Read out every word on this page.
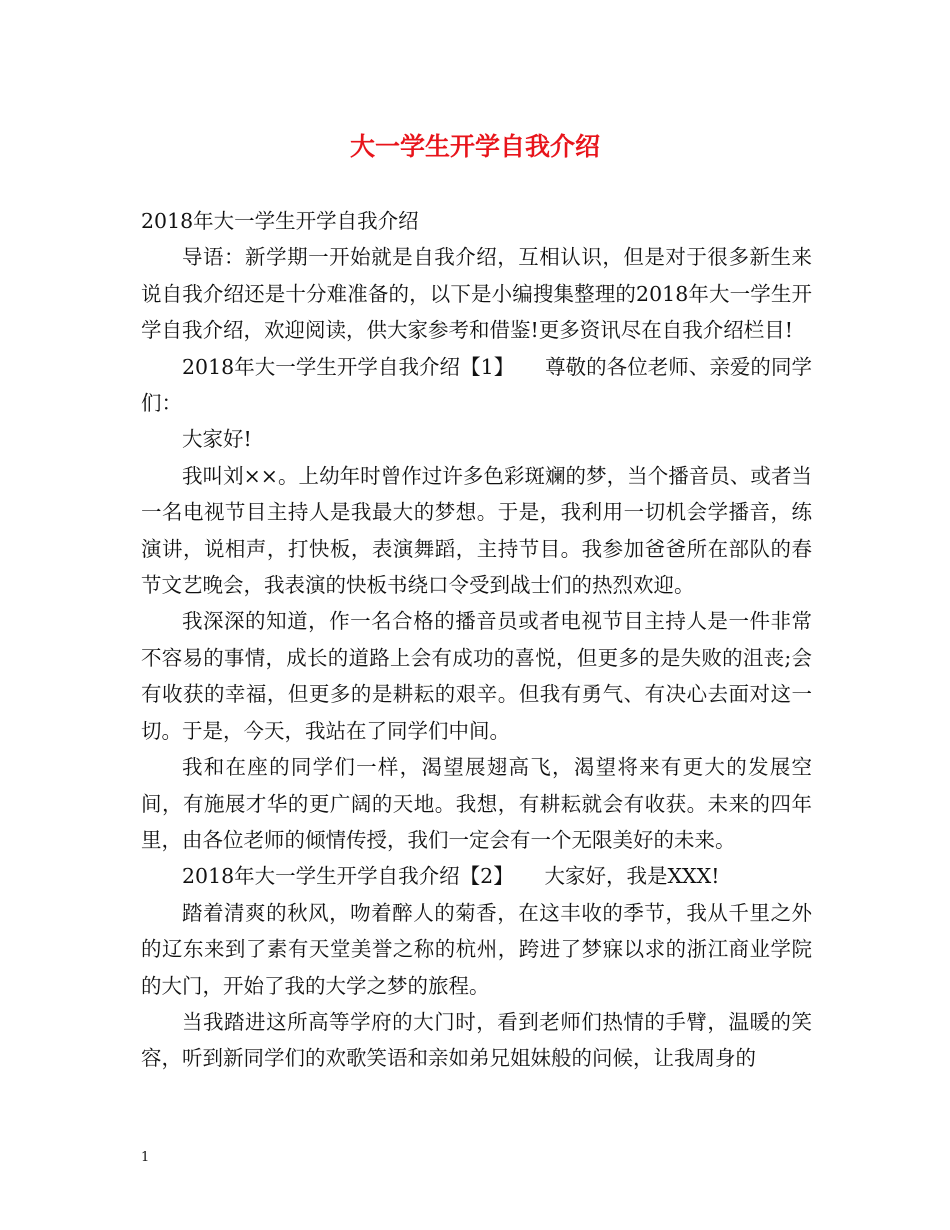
大一学生开学自我介绍

2018年大一学生开学自我介绍

导语：新学期一开始就是自我介绍，互相认识，但是对于很多新生来说自我介绍还是十分难准备的，以下是小编搜集整理的2018年大一学生开学自我介绍，欢迎阅读，供大家参考和借鉴!更多资讯尽在自我介绍栏目!

2018年大一学生开学自我介绍【1】　　尊敬的各位老师、亲爱的同学们：

大家好!

我叫刘××。上幼年时曾作过许多色彩斑斓的梦，当个播音员、或者当一名电视节目主持人是我最大的梦想。于是，我利用一切机会学播音，练演讲，说相声，打快板，表演舞蹈，主持节目。我参加爸爸所在部队的春节文艺晚会，我表演的快板书绕口令受到战士们的热烈欢迎。

我深深的知道，作一名合格的播音员或者电视节目主持人是一件非常不容易的事情，成长的道路上会有成功的喜悦，但更多的是失败的沮丧;会有收获的幸福，但更多的是耕耘的艰辛。但我有勇气、有决心去面对这一切。于是，今天，我站在了同学们中间。

我和在座的同学们一样，渴望展翅高飞，渴望将来有更大的发展空间，有施展才华的更广阔的天地。我想，有耕耘就会有收获。未来的四年里，由各位老师的倾情传授，我们一定会有一个无限美好的未来。

2018年大一学生开学自我介绍【2】　　大家好，我是XXX!

踏着清爽的秋风，吻着醉人的菊香，在这丰收的季节，我从千里之外的辽东来到了素有天堂美誉之称的杭州，跨进了梦寐以求的浙江商业学院的大门，开始了我的大学之梦的旅程。

当我踏进这所高等学府的大门时，看到老师们热情的手臂，温暖的笑容，听到新同学们的欢歌笑语和亲如弟兄姐妹般的问候，让我周身的

1
